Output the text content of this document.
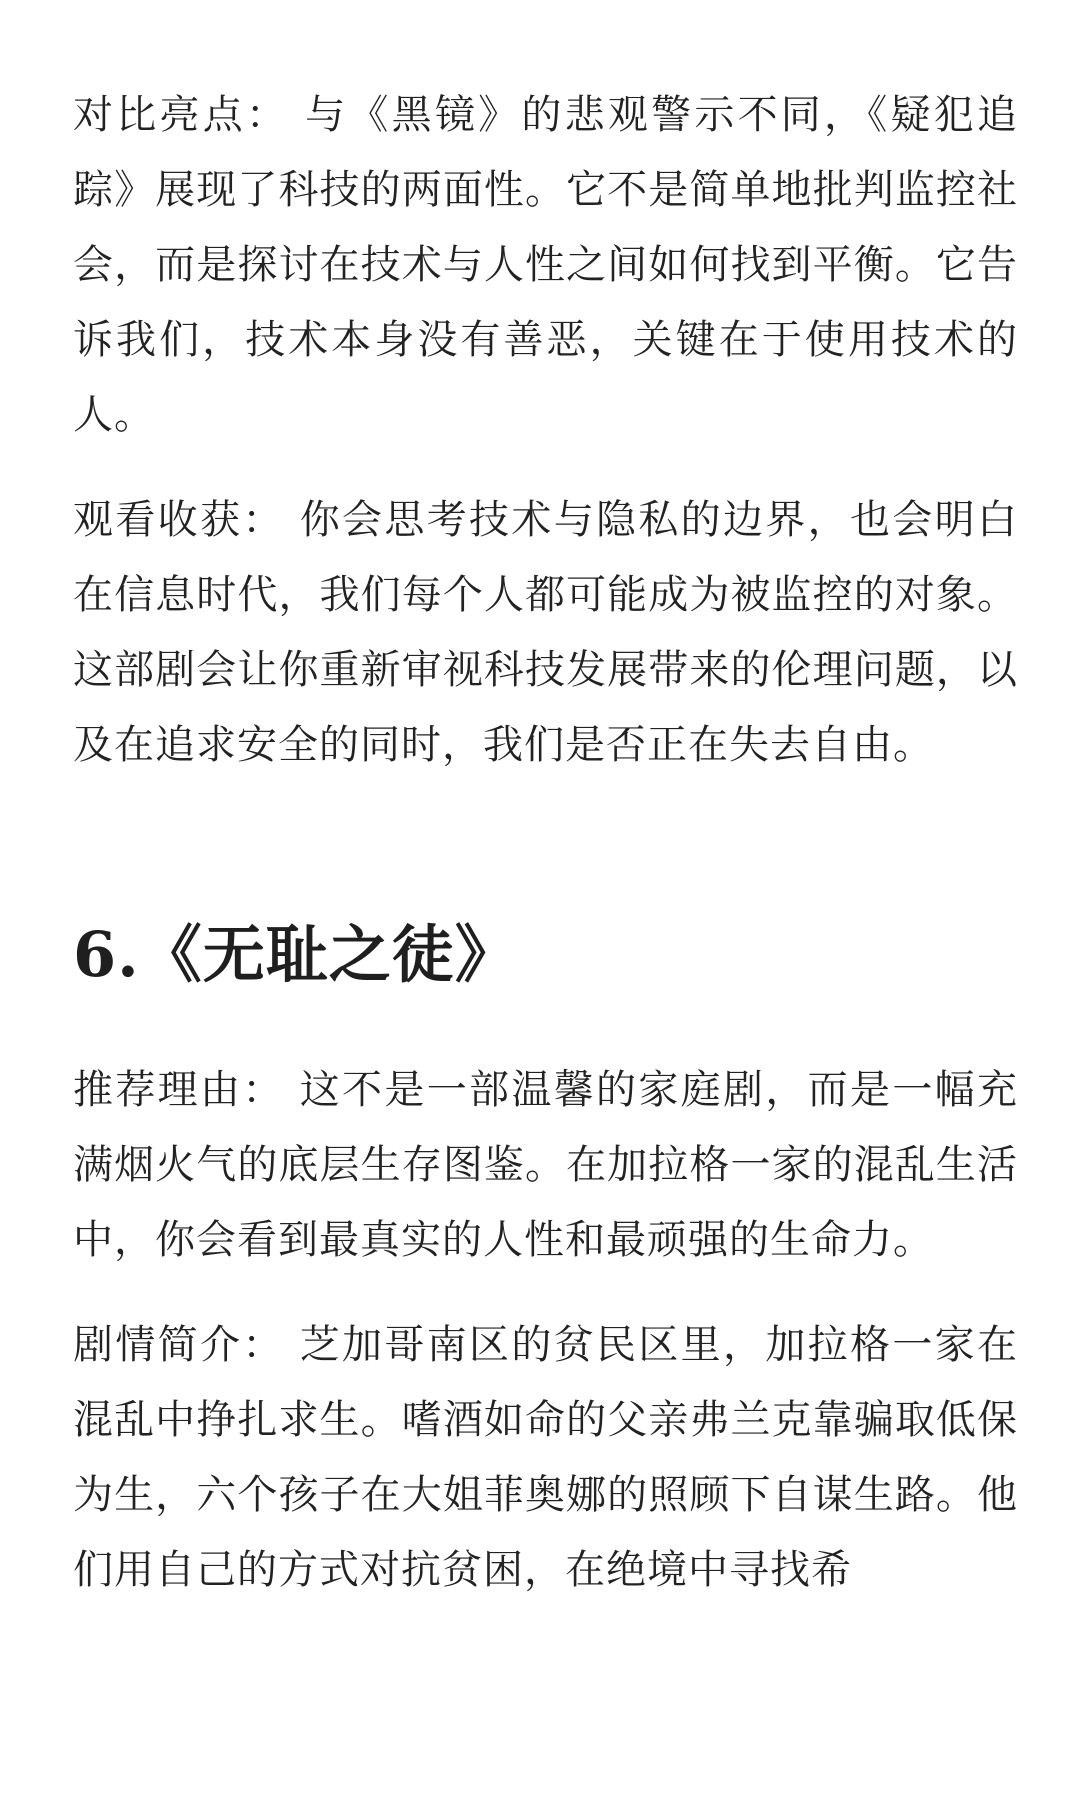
对比亮点： 与《黑镜》的悲观警示不同，《疑犯追踪》展现了科技的两面性。它不是简单地批判监控社会，而是探讨在技术与人性之间如何找到平衡。它告诉我们，技术本身没有善恶，关键在于使用技术的人。

观看收获： 你会思考技术与隐私的边界，也会明白在信息时代，我们每个人都可能成为被监控的对象。这部剧会让你重新审视科技发展带来的伦理问题，以及在追求安全的同时，我们是否正在失去自由。

6.《无耻之徒》

推荐理由： 这不是一部温馨的家庭剧，而是一幅充满烟火气的底层生存图鉴。在加拉格一家的混乱生活中，你会看到最真实的人性和最顽强的生命力。

剧情简介： 芝加哥南区的贫民区里，加拉格一家在混乱中挣扎求生。嗜酒如命的父亲弗兰克靠骗取低保为生，六个孩子在大姐菲奥娜的照顾下自谋生路。他们用自己的方式对抗贫困，在绝境中寻找希
